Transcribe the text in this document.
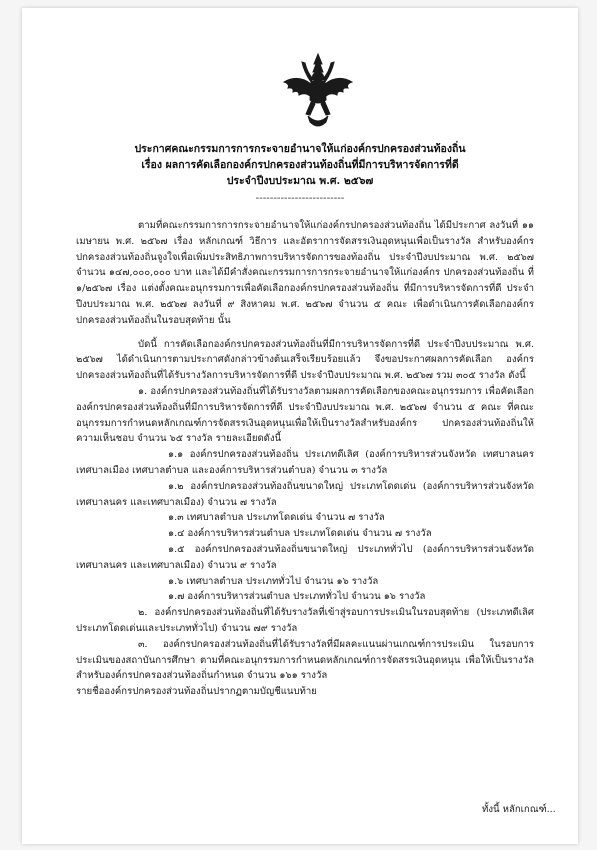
ประกาศคณะกรรมการการกระจายอำนาจให้แก่องค์กรปกครองส่วนท้องถิ่น
เรื่อง ผลการคัดเลือกองค์กรปกครองส่วนท้องถิ่นที่มีการบริหารจัดการที่ดี
ประจำปีงบประมาณ พ.ศ. ๒๕๖๗
-------------------------

ตามที่คณะกรรมการการกระจายอำนาจให้แก่องค์กรปกครองส่วนท้องถิ่น ได้มีประกาศ ลงวันที่ ๑๑ เมษายน พ.ศ. ๒๕๖๗ เรื่อง หลักเกณฑ์ วิธีการ และอัตราการจัดสรรเงินอุดหนุนเพื่อเป็นรางวัล สำหรับองค์กรปกครองส่วนท้องถิ่นจูงใจเพื่อเพิ่มประสิทธิภาพการบริหารจัดการของท้องถิ่น ประจำปีงบประมาณ พ.ศ. ๒๕๖๗ จำนวน ๑๔๗,๐๐๐,๐๐๐ บาท และได้มีคำสั่งคณะกรรมการการกระจายอำนาจให้แก่องค์กร ปกครองส่วนท้องถิ่น ที่ ๑/๒๕๖๗ เรื่อง แต่งตั้งคณะอนุกรรมการเพื่อคัดเลือกองค์กรปกครองส่วนท้องถิ่น ที่มีการบริหารจัดการที่ดี ประจำปีงบประมาณ พ.ศ. ๒๕๖๗ ลงวันที่ ๙ สิงหาคม พ.ศ. ๒๕๖๗ จำนวน ๕ คณะ เพื่อดำเนินการคัดเลือกองค์กรปกครองส่วนท้องถิ่นในรอบสุดท้าย นั้น

บัดนี้ การคัดเลือกองค์กรปกครองส่วนท้องถิ่นที่มีการบริหารจัดการที่ดี ประจำปีงบประมาณ พ.ศ. ๒๕๖๗ ได้ดำเนินการตามประกาศดังกล่าวข้างต้นเสร็จเรียบร้อยแล้ว จึงขอประกาศผลการคัดเลือก องค์กรปกครองส่วนท้องถิ่นที่ได้รับรางวัลการบริหารจัดการที่ดี ประจำปีงบประมาณ พ.ศ. ๒๕๖๗ รวม ๓๐๕ รางวัล ดังนี้

๑. องค์กรปกครองส่วนท้องถิ่นที่ได้รับรางวัลตามผลการคัดเลือกของคณะอนุกรรมการ เพื่อคัดเลือกองค์กรปกครองส่วนท้องถิ่นที่มีการบริหารจัดการที่ดี ประจำปีงบประมาณ พ.ศ. ๒๕๖๗ จำนวน ๕ คณะ ที่คณะอนุกรรมการกำหนดหลักเกณฑ์การจัดสรรเงินอุดหนุนเพื่อให้เป็นรางวัลสำหรับองค์กร ปกครองส่วนท้องถิ่นให้ความเห็นชอบ จำนวน ๖๕ รางวัล รายละเอียดดังนี้

๑.๑ องค์กรปกครองส่วนท้องถิ่น ประเภทดีเลิศ (องค์การบริหารส่วนจังหวัด เทศบาลนคร เทศบาลเมือง เทศบาลตำบล และองค์การบริหารส่วนตำบล) จำนวน ๓ รางวัล

๑.๒ องค์กรปกครองส่วนท้องถิ่นขนาดใหญ่ ประเภทโดดเด่น (องค์การบริหารส่วนจังหวัด เทศบาลนคร และเทศบาลเมือง) จำนวน ๗ รางวัล

๑.๓ เทศบาลตำบล ประเภทโดดเด่น จำนวน ๗ รางวัล

๑.๔ องค์การบริหารส่วนตำบล ประเภทโดดเด่น จำนวน ๗ รางวัล

๑.๕ องค์กรปกครองส่วนท้องถิ่นขนาดใหญ่ ประเภททั่วไป (องค์การบริหารส่วนจังหวัด เทศบาลนคร และเทศบาลเมือง) จำนวน ๙ รางวัล

๑.๖ เทศบาลตำบล ประเภททั่วไป จำนวน ๑๖ รางวัล

๑.๗ องค์การบริหารส่วนตำบล ประเภททั่วไป จำนวน ๑๖ รางวัล

๒. องค์กรปกครองส่วนท้องถิ่นที่ได้รับรางวัลที่เข้าสู่รอบการประเมินในรอบสุดท้าย (ประเภทดีเลิศ ประเภทโดดเด่นและประเภททั่วไป) จำนวน ๗๙ รางวัล

๓. องค์กรปกครองส่วนท้องถิ่นที่ได้รับรางวัลที่มีผลคะแนนผ่านเกณฑ์การประเมิน ในรอบการประเมินของสถาบันการศึกษา ตามที่คณะอนุกรรมการกำหนดหลักเกณฑ์การจัดสรรเงินอุดหนุน เพื่อให้เป็นรางวัลสำหรับองค์กรปกครองส่วนท้องถิ่นกำหนด จำนวน ๑๖๑ รางวัล

รายชื่อองค์กรปกครองส่วนท้องถิ่นปรากฏตามบัญชีแนบท้าย

ทั้งนี้ หลักเกณฑ์...
